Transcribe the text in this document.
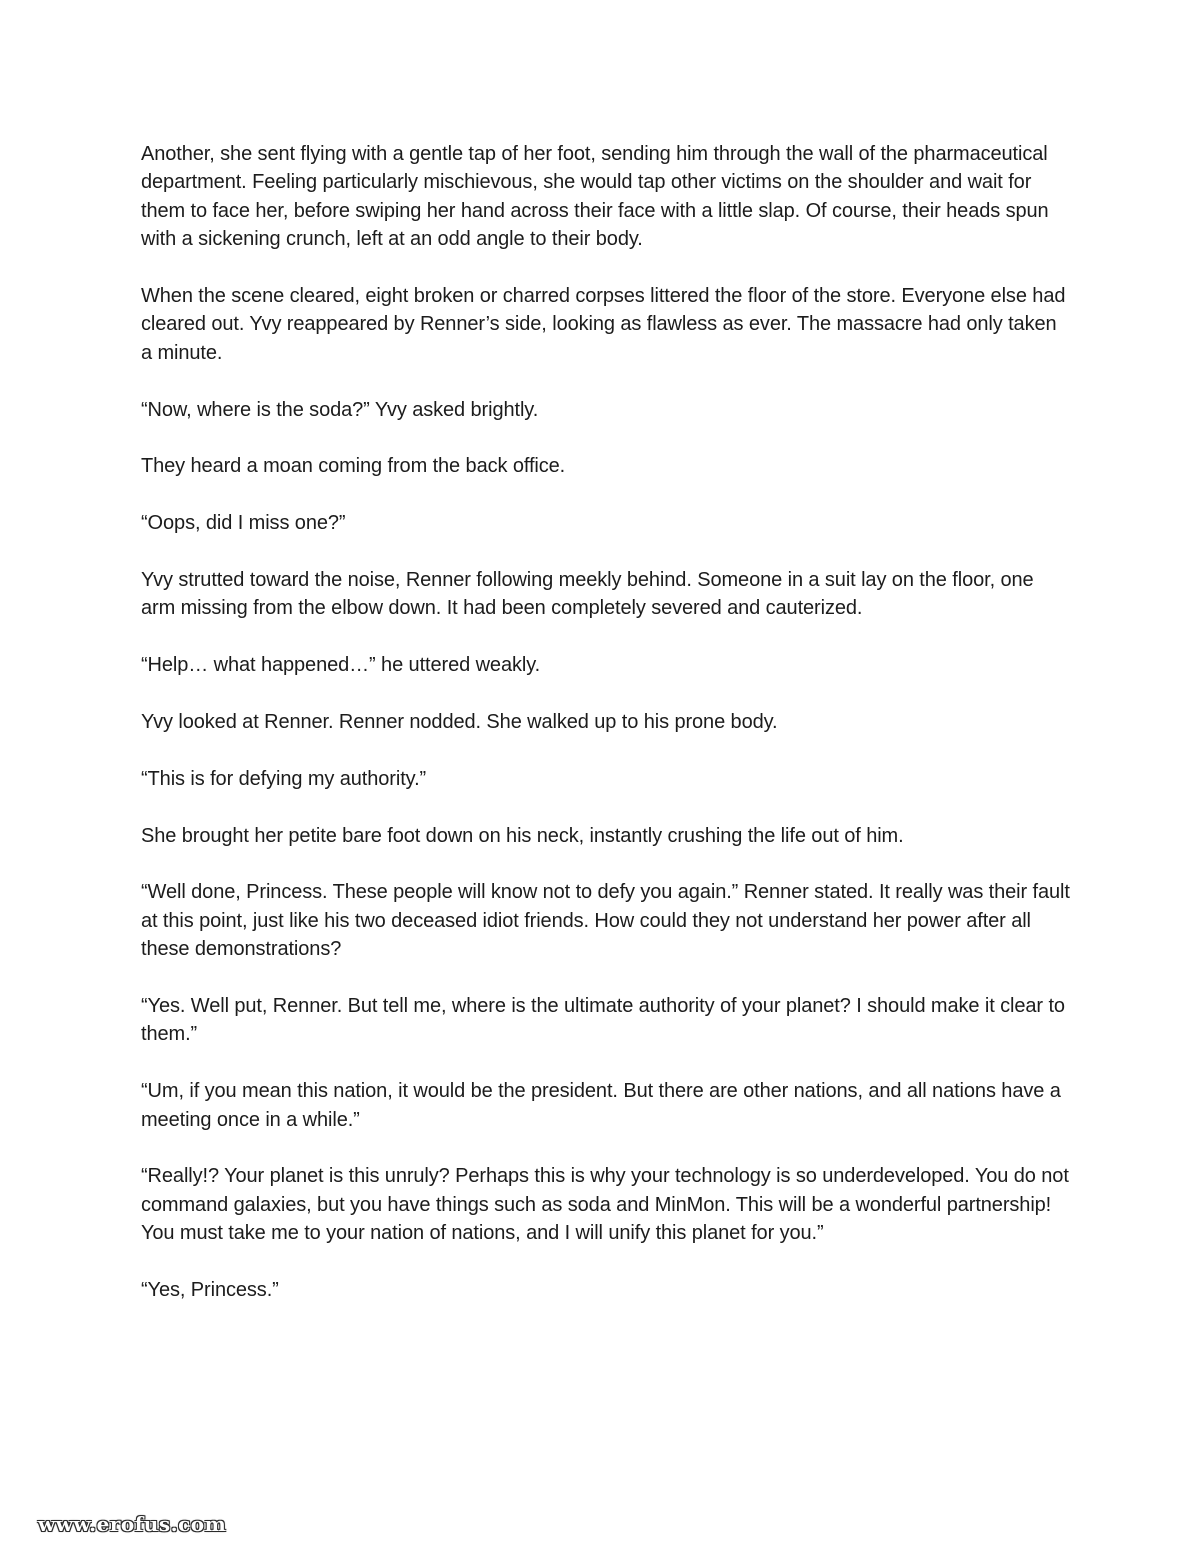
Another, she sent flying with a gentle tap of her foot, sending him through the wall of the pharmaceutical department. Feeling particularly mischievous, she would tap other victims on the shoulder and wait for them to face her, before swiping her hand across their face with a little slap. Of course, their heads spun with a sickening crunch, left at an odd angle to their body.

When the scene cleared, eight broken or charred corpses littered the floor of the store. Everyone else had cleared out. Yvy reappeared by Renner’s side, looking as flawless as ever. The massacre had only taken a minute.

“Now, where is the soda?” Yvy asked brightly.

They heard a moan coming from the back office.

“Oops, did I miss one?”

Yvy strutted toward the noise, Renner following meekly behind. Someone in a suit lay on the floor, one arm missing from the elbow down. It had been completely severed and cauterized.

“Help… what happened…” he uttered weakly.

Yvy looked at Renner. Renner nodded. She walked up to his prone body.

“This is for defying my authority.”

She brought her petite bare foot down on his neck, instantly crushing the life out of him.

“Well done, Princess. These people will know not to defy you again.” Renner stated. It really was their fault at this point, just like his two deceased idiot friends. How could they not understand her power after all these demonstrations?

“Yes. Well put, Renner. But tell me, where is the ultimate authority of your planet? I should make it clear to them.”

“Um, if you mean this nation, it would be the president. But there are other nations, and all nations have a meeting once in a while.”

“Really!? Your planet is this unruly? Perhaps this is why your technology is so underdeveloped. You do not command galaxies, but you have things such as soda and MinMon. This will be a wonderful partnership! You must take me to your nation of nations, and I will unify this planet for you.”

“Yes, Princess.”

www.erofus.com
